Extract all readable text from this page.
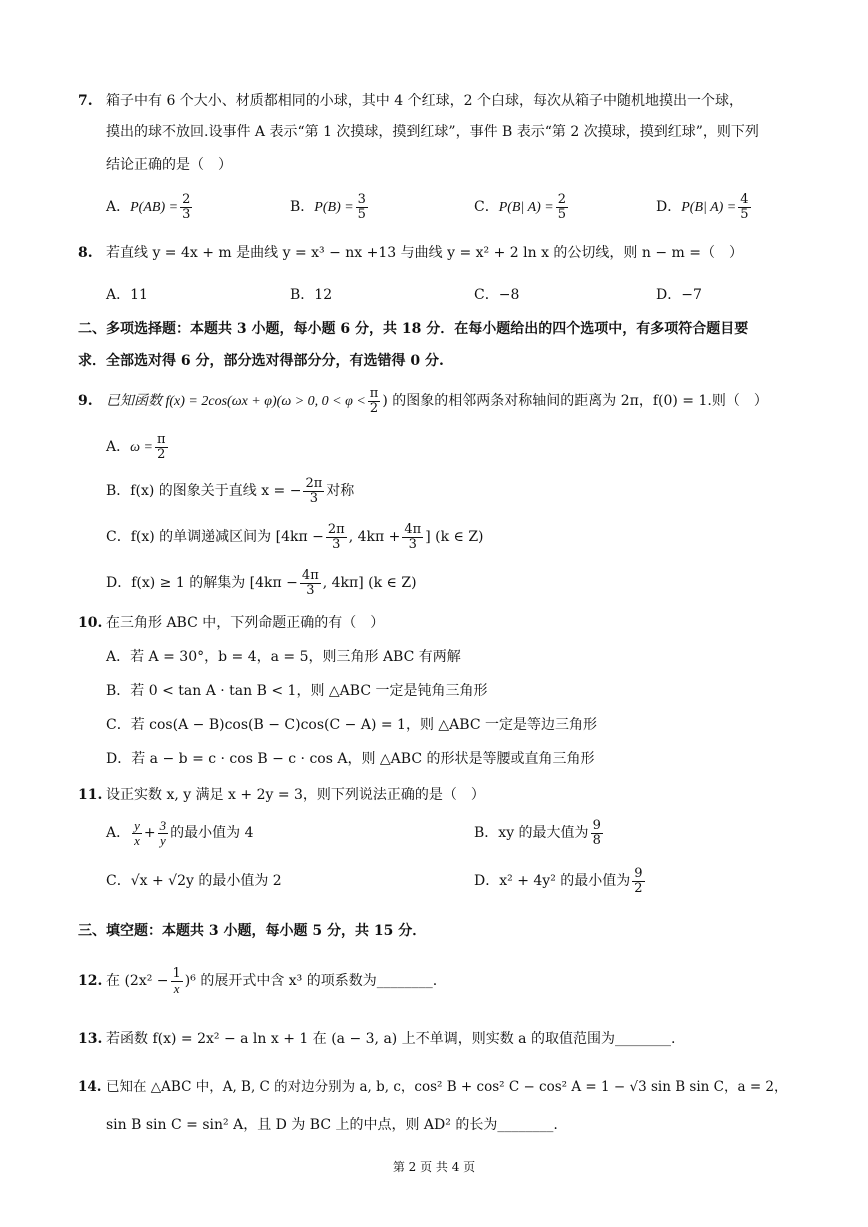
7. 箱子中有 6 个大小、材质都相同的小球，其中 4 个红球，2 个白球，每次从箱子中随机地摸出一个球，
摸出的球不放回.设事件 A 表示“第 1 次摸球，摸到红球”，事件 B 表示“第 2 次摸球，摸到红球”，则下列
结论正确的是（　）
A．$P(AB) = \frac{2}{3}$	B．$P(B) = \frac{3}{5}$	C．P(B| $A) = \frac{2}{5}$	D．P(B| $A) = \frac{4}{5}$
8. 若直线 y = 4x + m 是曲线 y = x³ − nx +13 与曲线 y = x² + 2 ln x 的公切线，则 n − m =（　）
A．11	B．12	C．−8	D．−7
二、多项选择题：本题共 3 小题，每小题 6 分，共 18 分．在每小题给出的四个选项中，有多项符合题目要
求．全部选对得 6 分，部分选对得部分分，有选错得 0 分.
9. 已知函数 f(x) = 2cos(ωx + φ)(ω > 0, $0 < \varphi < \frac{\pi}{2}$ ) 的图象的相邻两条对称轴间的距离为 2π，f(0) = 1.则（　）
A．$\omega = \frac{\pi}{2}$
B．f(x) 的图象关于直线 x = − $\frac{2\pi}{3}$ 对称
C．f(x) 的单调递减区间为 [$4k\pi - \frac{2\pi}{3}$ , $4k\pi + \frac{4\pi}{3}$ ] (k ∈ Z)
D．f(x) ≥ 1 的解集为 [$4k\pi - \frac{4\pi}{3}$ , 4kπ] (k ∈ Z)
10. 在三角形 ABC 中，下列命题正确的有（　）
A．若 A = 30°，b = 4，a = 5，则三角形 ABC 有两解
B．若 0 < tan A · tan B < 1，则 △ABC 一定是钝角三角形
C．若 cos(A − B)cos(B − C)cos(C − A) = 1，则 △ABC 一定是等边三角形
D．若 a − b = c · cos B − c · cos A，则 △ABC 的形状是等腰或直角三角形
11. 设正实数 x, y 满足 x + 2y = 3，则下列说法正确的是（　）
A． $\frac{y}{x} + \frac{3}{y}$ 的最小值为 4	B．xy 的最大值为 $\frac{9}{8}$
C．√x + √2y 的最小值为 2	D．x² + 4y² 的最小值为 $\frac{9}{2}$
三、填空题：本题共 3 小题，每小题 5 分，共 15 分．
12. 在 $(2x^2 - \frac{1}{x} )^6$ 的展开式中含 x³ 的项系数为________.
13. 若函数 f(x) = 2x² − a ln x + 1 在 (a − 3, a) 上不单调，则实数 a 的取值范围为________.
14. 已知在 △ABC 中，A, B, C 的对边分别为 a, b, c，cos² B + cos² C − cos² A = 1 − √3 sin B sin C，a = 2，
sin B sin C = sin² A，且 D 为 BC 上的中点，则 AD² 的长为________.
第 2 页 共 4 页
